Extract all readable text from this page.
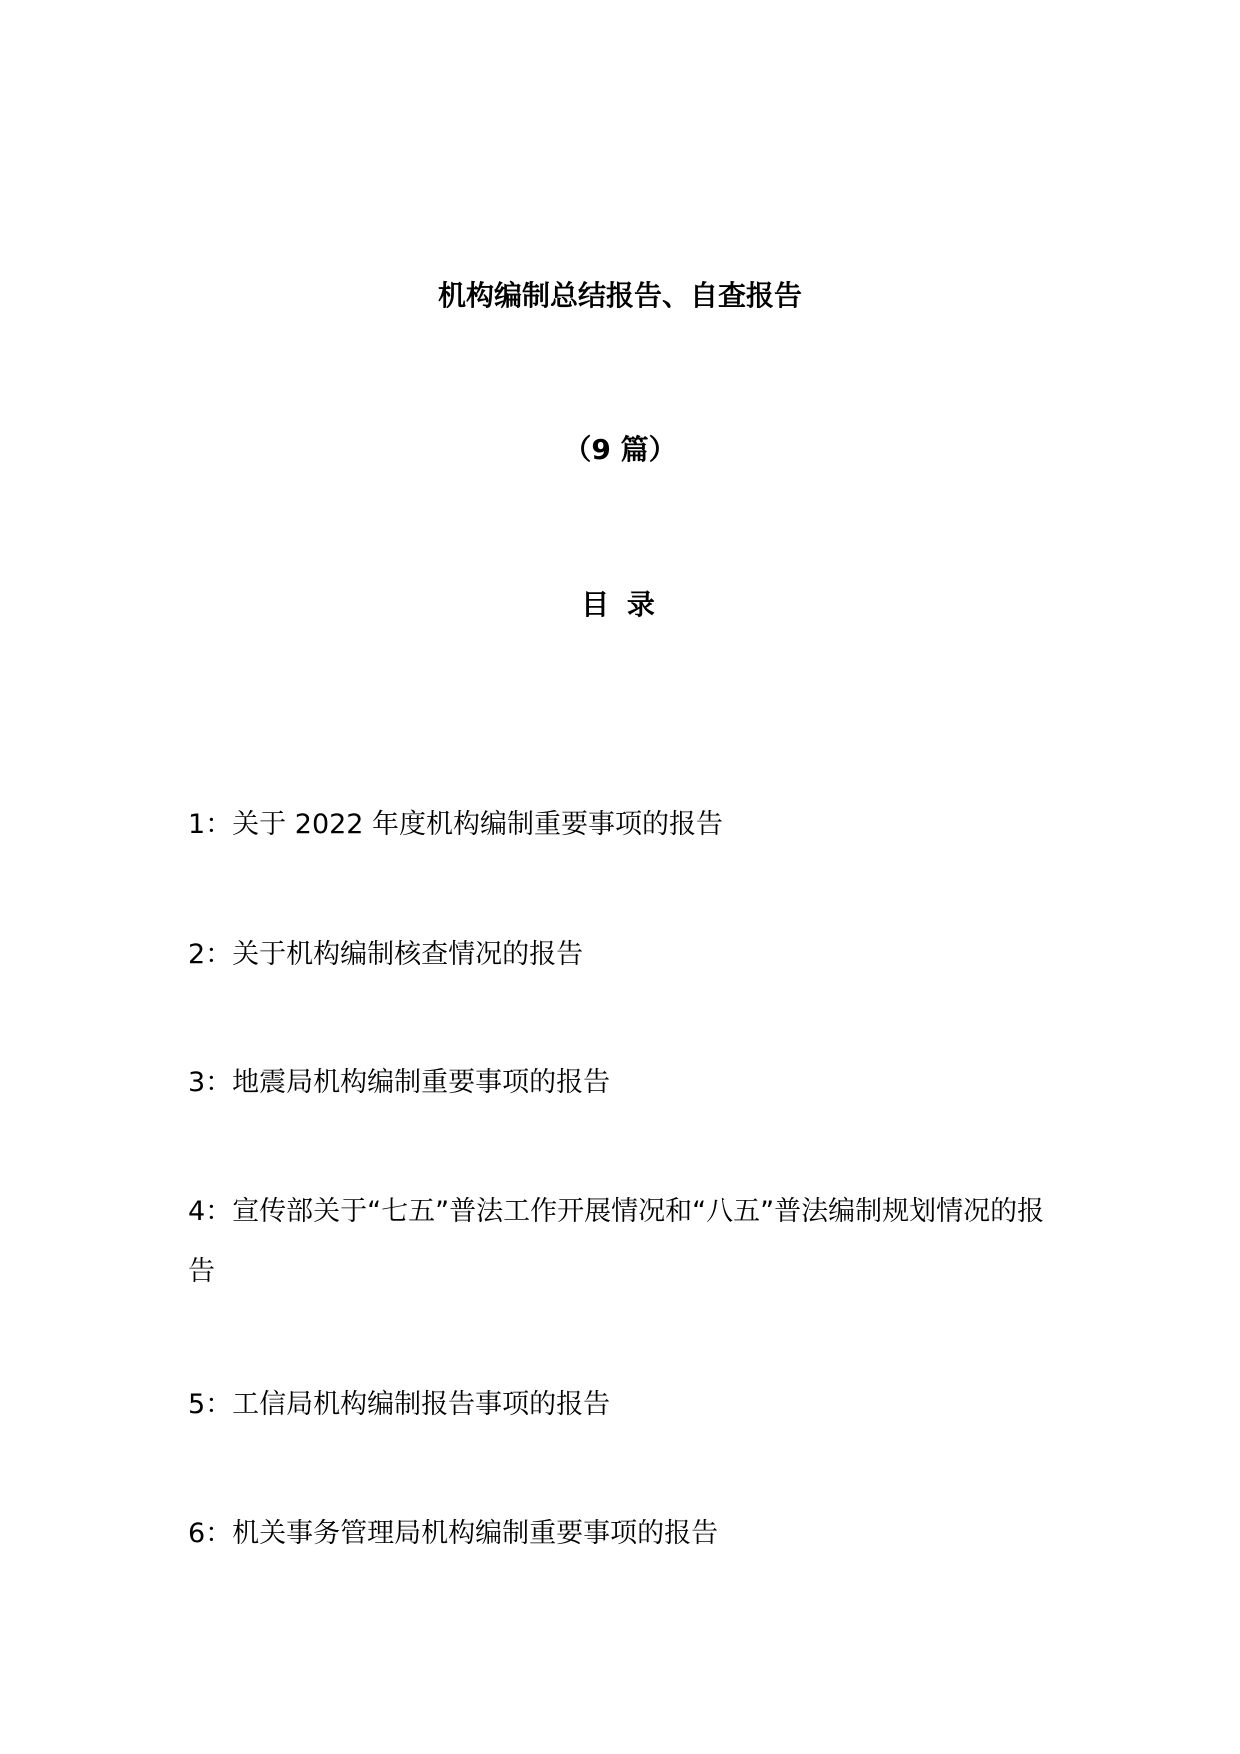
机构编制总结报告、自查报告
（9 篇）
目 录
1：关于 2022 年度机构编制重要事项的报告
2：关于机构编制核查情况的报告
3：地震局机构编制重要事项的报告
4：宣传部关于“七五”普法工作开展情况和“八五”普法编制规划情况的报告
5：工信局机构编制报告事项的报告
6：机关事务管理局机构编制重要事项的报告
